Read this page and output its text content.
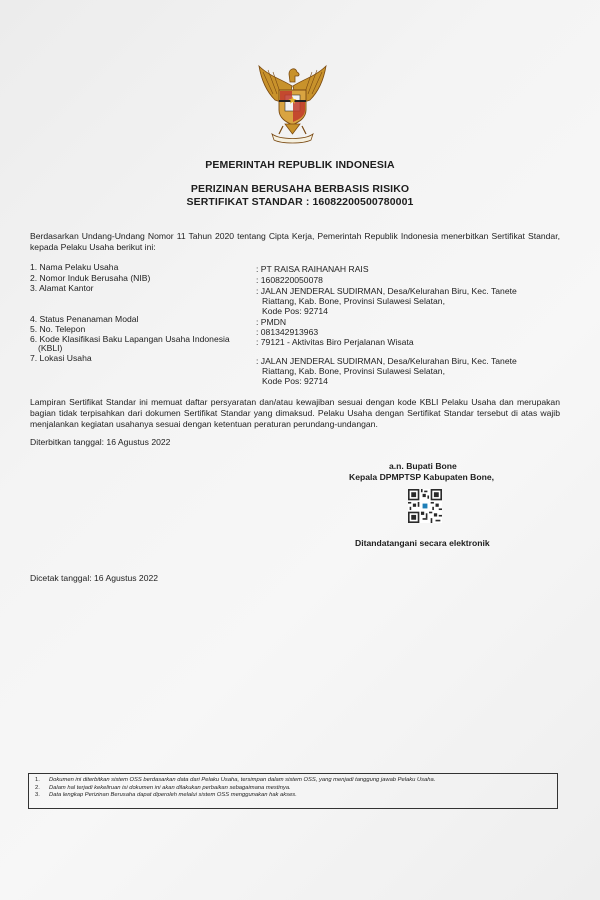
PEMERINTAH REPUBLIK INDONESIA
PERIZINAN BERUSAHA BERBASIS RISIKO
SERTIFIKAT STANDAR : 16082200500780001
Berdasarkan Undang-Undang Nomor 11 Tahun 2020 tentang Cipta Kerja, Pemerintah Republik Indonesia menerbitkan Sertifikat Standar, kepada Pelaku Usaha berikut ini:
1. Nama Pelaku Usaha	: PT RAISA RAIHANAH RAIS
2. Nomor Induk Berusaha (NIB)	: 1608220050078
3. Alamat Kantor	: JALAN JENDERAL SUDIRMAN, Desa/Kelurahan Biru, Kec. Tanete
Riattang, Kab. Bone, Provinsi Sulawesi Selatan,
Kode Pos: 92714
4. Status Penanaman Modal	: PMDN
5. No. Telepon	: 081342913963
6. Kode Klasifikasi Baku Lapangan Usaha Indonesia
(KBLI)
: 79121 - Aktivitas Biro Perjalanan Wisata
7. Lokasi Usaha	: JALAN JENDERAL SUDIRMAN, Desa/Kelurahan Biru, Kec. Tanete
Riattang, Kab. Bone, Provinsi Sulawesi Selatan,
Kode Pos: 92714
Lampiran Sertifikat Standar ini memuat daftar persyaratan dan/atau kewajiban sesuai dengan kode KBLI Pelaku Usaha dan merupakan bagian tidak terpisahkan dari dokumen Sertifikat Standar yang dimaksud. Pelaku Usaha dengan Sertifikat Standar tersebut di atas wajib menjalankan kegiatan usahanya sesuai dengan ketentuan peraturan perundang-undangan.
Diterbitkan tanggal: 16 Agustus 2022
a.n. Bupati Bone
Kepala DPMPTSP Kabupaten Bone,
Ditandatangani secara elektronik
Dicetak tanggal: 16 Agustus 2022
1. Dokumen ini diterbitkan sistem OSS berdasarkan data dari Pelaku Usaha, tersimpan dalam sistem OSS, yang menjadi tanggung jawab Pelaku Usaha.
2. Dalam hal terjadi kekeliruan isi dokumen ini akan dilakukan perbaikan sebagaimana mestinya.
3. Data lengkap Perizinan Berusaha dapat diperoleh melalui sistem OSS menggunakan hak akses.
